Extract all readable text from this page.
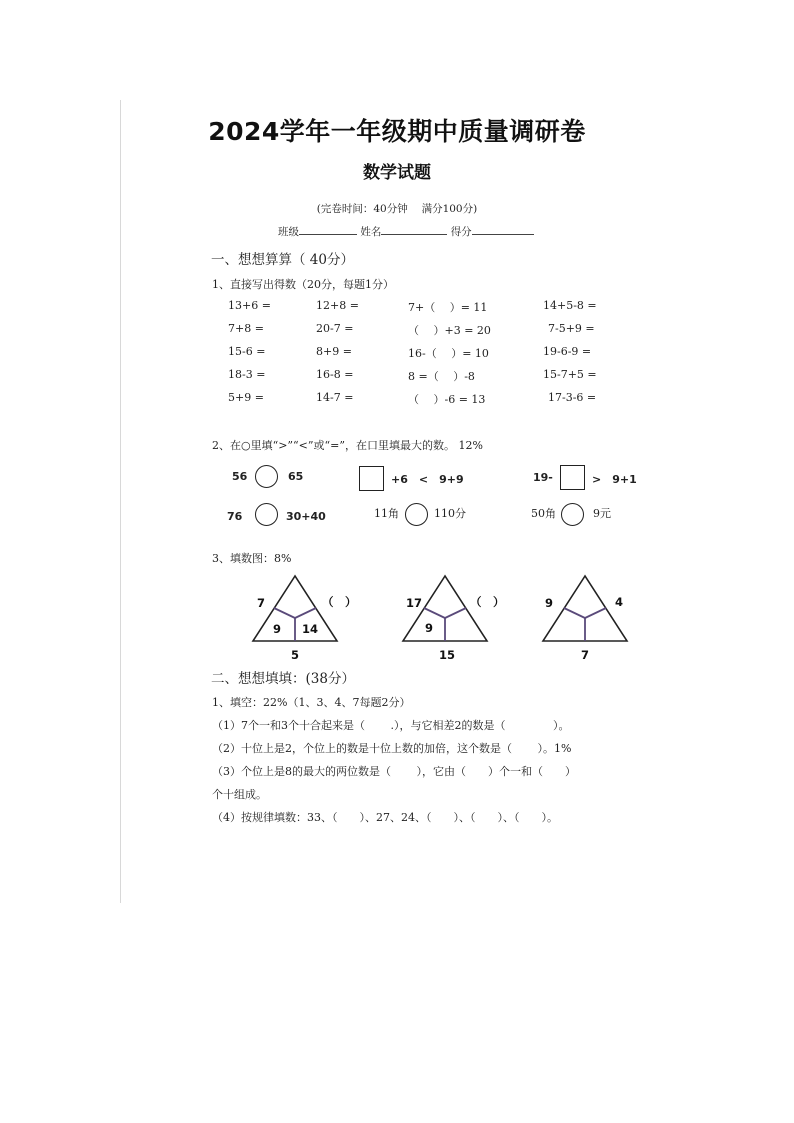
2024学年一年级期中质量调研卷
数学试题
(完卷时间：40分钟　 满分100分)
班级	姓名	得分
一、想想算算（ 40分）
1、直接写出得数（20分，每题1分）
13+6 =	12+8 =	7+（　 ）= 11	14+5-8 =
7+8 =	20-7 =	（　 ）+3 = 20	7-5+9 =
15-6 =	8+9 =	16-（　 ）= 10	19-6-9 =
18-3 =	16-8 =	8 =（　 ）-8	15-7+5 =
5+9 =	14-7 =	（　 ）-6 = 13	17-3-6 =
2、在○里填“>”“<”或“=”，在口里填最大的数。 12%
56	65
76	30+40
+6　<　9+9
11角	110分
19-	>　9+1
50角	9元
3、填数图：8%
7	（　）
9 14
5
17	（　）
9
15
9	4
7
二、想想填填：(38分）
1、填空：22%（1、3、4、7每题2分）
（1）7个一和3个十合起来是（　　 .），与它相差2的数是（　　　　 ）。
（2）十位上是2，个位上的数是十位上数的加倍，这个数是（　　 ）。1%
（3）个位上是8的最大的两位数是（　　 ），它由（　　）个一和（　　）
个十组成。
（4）按规律填数：33、（　　）、27、24、（　　）、（　　）、（　　）。
